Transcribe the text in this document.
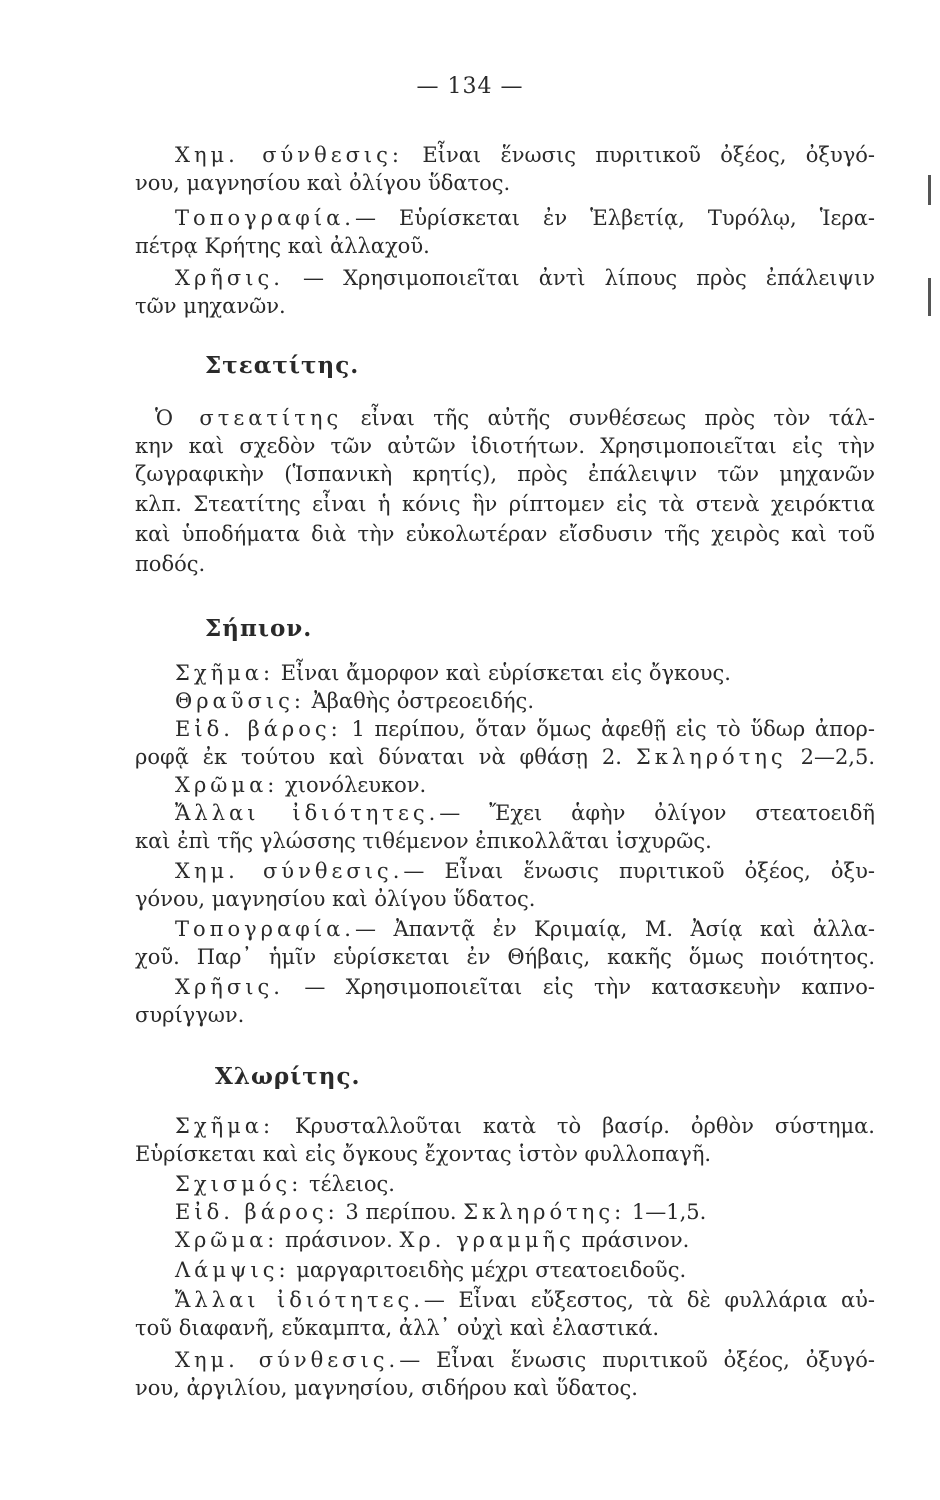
— 134 —
Χημ. σύνθεσις: Εἶναι ἕνωσις πυριτικοῦ ὀξέος, ὀξυγό-
νου, μαγνησίου καὶ ὀλίγου ὕδατος.
Τοπογραφία.— Εὑρίσκεται ἐν Ἑλβετίᾳ, Τυρόλῳ, Ἱερα-
πέτρᾳ Κρήτης καὶ ἀλλαχοῦ.
Χρῆσις. — Χρησιμοποιεῖται ἀντὶ λίπους πρὸς ἐπάλειψιν
τῶν μηχανῶν.
Στεατίτης.
Ὁ στεατίτης εἶναι τῆς αὐτῆς συνθέσεως πρὸς τὸν τάλ-
κην καὶ σχεδὸν τῶν αὐτῶν ἰδιοτήτων. Χρησιμοποιεῖται εἰς τὴν
ζωγραφικὴν (Ἱσπανικὴ κρητίς), πρὸς ἐπάλειψιν τῶν μηχανῶν
κλπ. Στεατίτης εἶναι ἡ κόνις ἣν ρίπτομεν εἰς τὰ στενὰ χειρόκτια
καὶ ὑποδήματα διὰ τὴν εὐκολωτέραν εἴσδυσιν τῆς χειρὸς καὶ τοῦ
ποδός.
Σήπιον.
Σχῆμα: Εἶναι ἄμορφον καὶ εὑρίσκεται εἰς ὄγκους.
Θραῦσις: Ἀβαθὴς ὀστρεοειδής.
Εἰδ. βάρος: 1 περίπου, ὅταν ὅμως ἀφεθῇ εἰς τὸ ὕδωρ ἀπορ-
ροφᾷ ἐκ τούτου καὶ δύναται νὰ φθάσῃ 2. Σκληρότης 2—2,5.
Χρῶμα: χιονόλευκον.
Ἄλλαι ἰδιότητες.— Ἔχει ἁφὴν ὀλίγον στεατοειδῆ
καὶ ἐπὶ τῆς γλώσσης τιθέμενον ἐπικολλᾶται ἰσχυρῶς.
Χημ. σύνθεσις.— Εἶναι ἕνωσις πυριτικοῦ ὀξέος, ὀξυ-
γόνου, μαγνησίου καὶ ὀλίγου ὕδατος.
Τοπογραφία.— Ἀπαντᾷ ἐν Κριμαίᾳ, Μ. Ἀσίᾳ καὶ ἀλλα-
χοῦ. Παρ᾽ ἡμῖν εὑρίσκεται ἐν Θήβαις, κακῆς ὅμως ποιότητος.
Χρῆσις. — Χρησιμοποιεῖται εἰς τὴν κατασκευὴν καπνο-
συρίγγων.
Χλωρίτης.
Σχῆμα: Κρυσταλλοῦται κατὰ τὸ βασίρ. ὀρθὸν σύστημα.
Εὑρίσκεται καὶ εἰς ὄγκους ἔχοντας ἱστὸν φυλλοπαγῆ.
Σχισμός: τέλειος.
Εἰδ. βάρος: 3 περίπου. Σκληρότης: 1—1,5.
Χρῶμα: πράσινον. Χρ. γραμμῆς πράσινον.
Λάμψις: μαργαριτοειδὴς μέχρι στεατοειδοῦς.
Ἄλλαι ἰδιότητες.— Εἶναι εὔξεστος, τὰ δὲ φυλλάρια αὐ-
τοῦ διαφανῆ, εὔκαμπτα, ἀλλ᾽ οὐχὶ καὶ ἐλαστικά.
Χημ. σύνθεσις.— Εἶναι ἕνωσις πυριτικοῦ ὀξέος, ὀξυγό-
νου, ἀργιλίου, μαγνησίου, σιδήρου καὶ ὕδατος.
